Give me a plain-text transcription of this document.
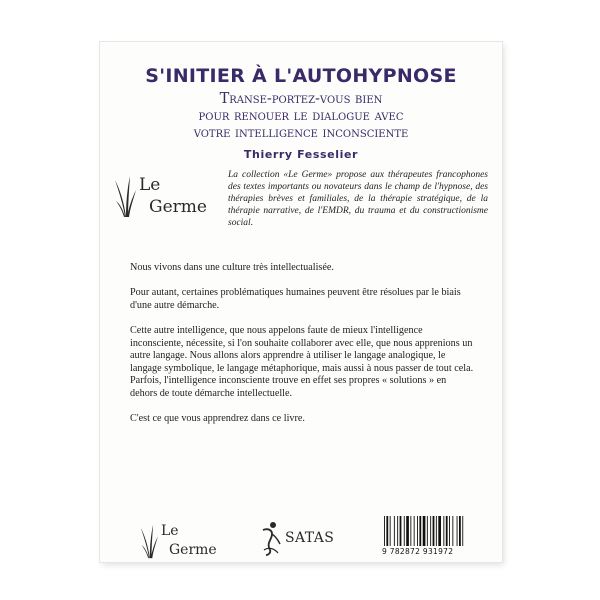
S'INITIER À L'AUTOHYPNOSE
Transe-portez-vous bien
pour renouer le dialogue avec
votre intelligence inconsciente
Thierry Fesselier
Le
Germe
La collection «Le Germe» propose aux thérapeutes francophones des textes importants ou novateurs dans le champ de l'hypnose, des thérapies brèves et familiales, de la thérapie stratégique, de la thérapie narrative, de l'EMDR, du trauma et du constructionisme social.

Nous vivons dans une culture très intellectualisée.

Pour autant, certaines problématiques humaines peuvent être résolues par le biais d'une autre démarche.

Cette autre intelligence, que nous appelons faute de mieux l'intelligence inconsciente, nécessite, si l'on souhaite collaborer avec elle, que nous apprenions un autre langage. Nous allons alors apprendre à utiliser le langage analogique, le langage symbolique, le langage métaphorique, mais aussi à nous passer de tout cela. Parfois, l'intelligence inconsciente trouve en effet ses propres « solutions » en dehors de toute démarche intellectuelle.

C'est ce que vous apprendrez dans ce livre.

Le
Germe
SATAS
9 782872 931972
